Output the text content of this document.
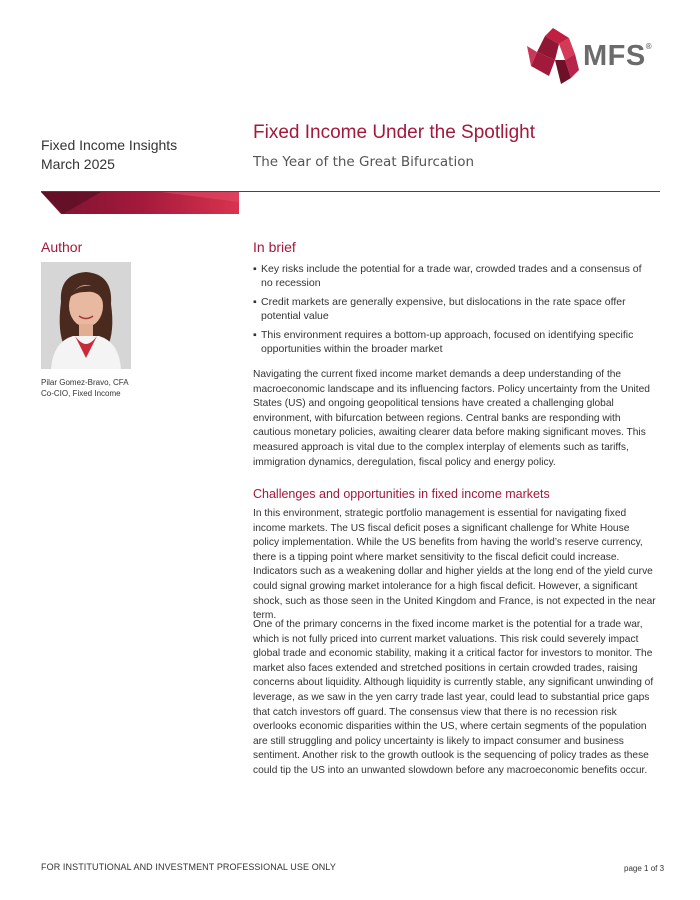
MFS®
Fixed Income Insights
March 2025
Fixed Income Under the Spotlight
The Year of the Great Bifurcation
Author
Pilar Gomez-Bravo, CFA
Co-CIO, Fixed Income
In brief
▪ Key risks include the potential for a trade war, crowded trades and a consensus of no recession
▪ Credit markets are generally expensive, but dislocations in the rate space offer potential value
▪ This environment requires a bottom-up approach, focused on identifying specific opportunities within the broader market

Navigating the current fixed income market demands a deep understanding of the macroeconomic landscape and its influencing factors. Policy uncertainty from the United States (US) and ongoing geopolitical tensions have created a challenging global environment, with bifurcation between regions. Central banks are responding with cautious monetary policies, awaiting clearer data before making significant moves. This measured approach is vital due to the complex interplay of elements such as tariffs, immigration dynamics, deregulation, fiscal policy and energy policy.

Challenges and opportunities in fixed income markets

In this environment, strategic portfolio management is essential for navigating fixed income markets. The US fiscal deficit poses a significant challenge for White House policy implementation. While the US benefits from having the world’s reserve currency, there is a tipping point where market sensitivity to the fiscal deficit could increase. Indicators such as a weakening dollar and higher yields at the long end of the yield curve could signal growing market intolerance for a high fiscal deficit. However, a significant shock, such as those seen in the United Kingdom and France, is not expected in the near term.

One of the primary concerns in the fixed income market is the potential for a trade war, which is not fully priced into current market valuations. This risk could severely impact global trade and economic stability, making it a critical factor for investors to monitor. The market also faces extended and stretched positions in certain crowded trades, raising concerns about liquidity. Although liquidity is currently stable, any significant unwinding of leverage, as we saw in the yen carry trade last year, could lead to substantial price gaps that catch investors off guard. The consensus view that there is no recession risk overlooks economic disparities within the US, where certain segments of the population are still struggling and policy uncertainty is likely to impact consumer and business sentiment. Another risk to the growth outlook is the sequencing of policy trades as these could tip the US into an unwanted slowdown before any macroeconomic benefits occur.

FOR INSTITUTIONAL AND INVESTMENT PROFESSIONAL USE ONLY	page 1 of 3
